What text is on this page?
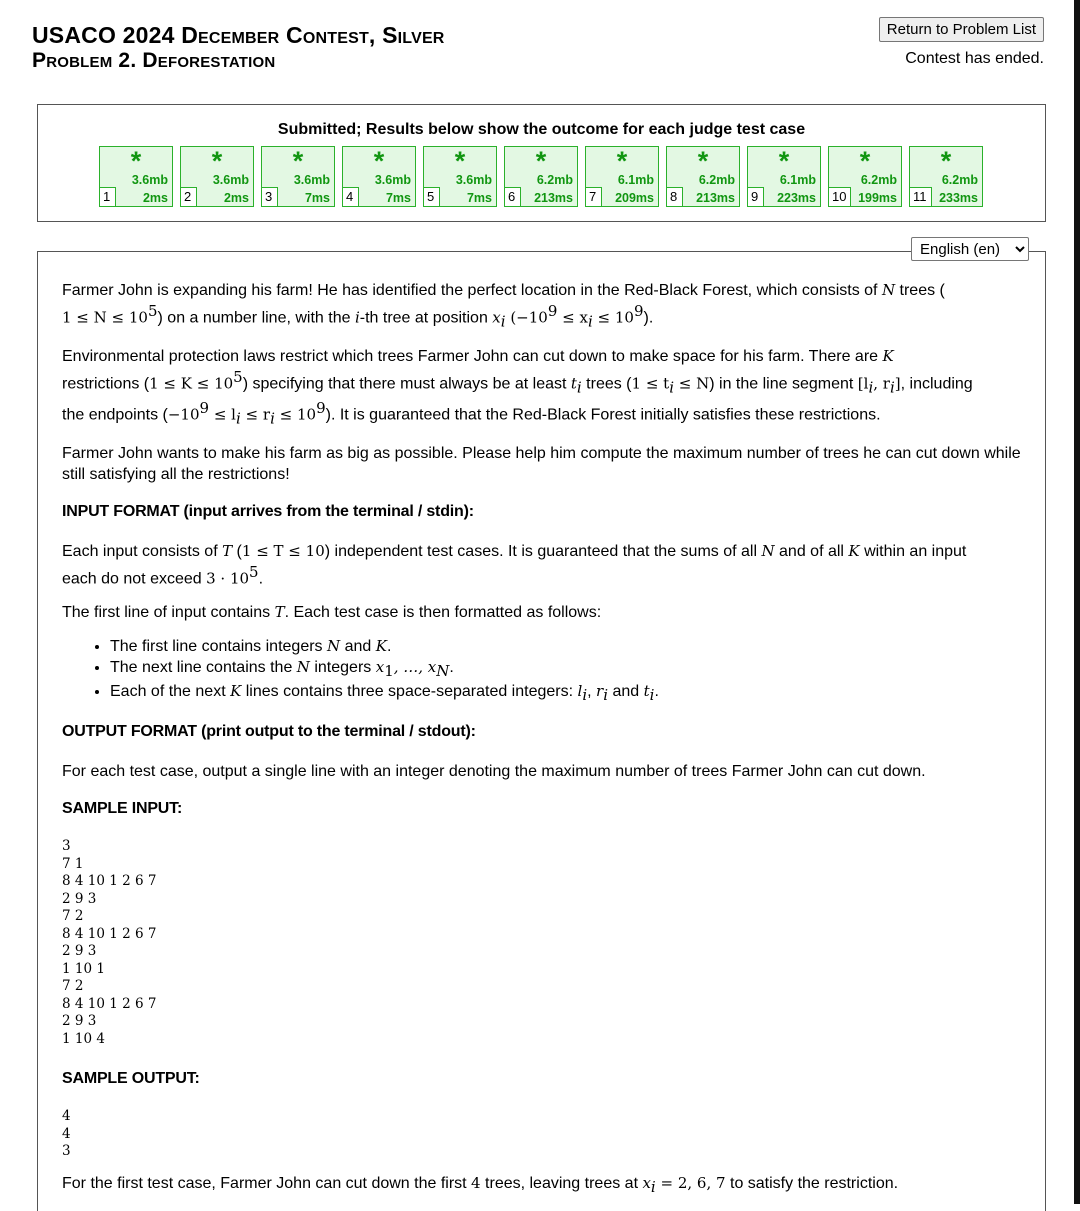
USACO 2024 December Contest, Silver
Problem 2. Deforestation
Return to Problem List
Contest has ended.
Submitted; Results below show the outcome for each judge test case
*
3.6mb
2ms
1
*
3.6mb
2ms
2
*
3.6mb
7ms
3
*
3.6mb
7ms
4
*
3.6mb
7ms
5
*
6.2mb
213ms
6
*
6.1mb
209ms
7
*
6.2mb
213ms
8
*
6.1mb
223ms
9
*
6.2mb
199ms
10
*
6.2mb
233ms
11
English (en)

Farmer John is expanding his farm! He has identified the perfect location in the Red-Black Forest, which consists of N trees (
$1 \le N \le 10^5$) on a number line, with the i-th tree at position $x_i$ $(-10^9 \le x_i \le 10^9)$.

Environmental protection laws restrict which trees Farmer John can cut down to make space for his farm. There are K
restrictions $(1 \le K \le 10^5)$ specifying that there must always be at least $t_i$ trees $(1 \le t_i \le N)$ in the line segment [$l_i$, $r_i$], including
the endpoints $(-10^9 \le l_i \le r_i \le 10^9)$. It is guaranteed that the Red-Black Forest initially satisfies these restrictions.

Farmer John wants to make his farm as big as possible. Please help him compute the maximum number of trees he can cut down while still satisfying all the restrictions!

INPUT FORMAT (input arrives from the terminal / stdin):

Each input consists of T (1 ≤ T ≤ 10) independent test cases. It is guaranteed that the sums of all N and of all K within an input
each do not exceed $3 \cdot 10^5$.

The first line of input contains T. Each test case is then formatted as follows:

• The first line contains integers N and K.
• The next line contains the N integers $x_1$, …, $x_N$.
• Each of the next K lines contains three space-separated integers: $l_i$, $r_i$ and $t_i$.
OUTPUT FORMAT (print output to the terminal / stdout):

For each test case, output a single line with an integer denoting the maximum number of trees Farmer John can cut down.

SAMPLE INPUT:
3
7 1
8 4 10 1 2 6 7
2 9 3
7 2
8 4 10 1 2 6 7
2 9 3
1 10 1
7 2
8 4 10 1 2 6 7
2 9 3
1 10 4
SAMPLE OUTPUT:
4
4
3

For the first test case, Farmer John can cut down the first 4 trees, leaving trees at $x_i = 2$, 6, 7 to satisfy the restriction.
